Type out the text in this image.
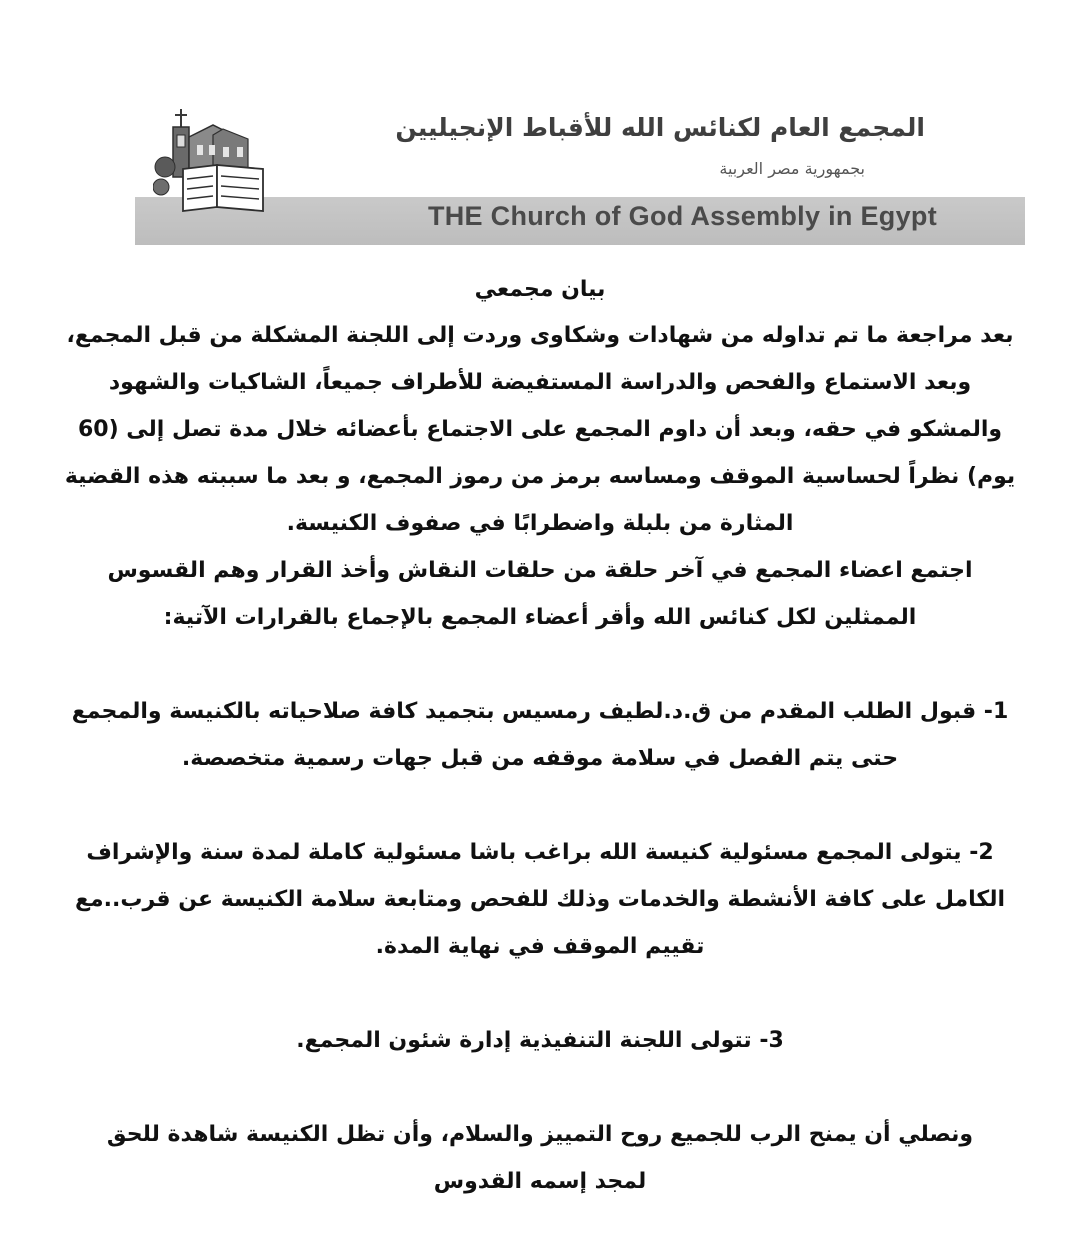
المجمع العام لكنائس الله للأقباط الإنجيليين
بجمهورية مصر العربية
THE Church of God Assembly in Egypt
بيان مجمعي

بعد مراجعة ما تم تداوله من شهادات وشكاوى وردت إلى اللجنة المشكلة من قبل المجمع، وبعد الاستماع والفحص والدراسة المستفيضة للأطراف جميعاً، الشاكيات والشهود والمشكو في حقه، وبعد أن داوم المجمع على الاجتماع بأعضائه خلال مدة تصل إلى (60 يوم) نظراً لحساسية الموقف ومساسه برمز من رموز المجمع، و بعد ما سببته هذه القضية المثارة من بلبلة واضطرابًا في صفوف الكنيسة.

اجتمع اعضاء المجمع في آخر حلقة من حلقات النقاش وأخذ القرار وهم القسوس الممثلين لكل كنائس الله وأقر أعضاء المجمع بالإجماع بالقرارات الآتية:

1- قبول الطلب المقدم من ق.د.لطيف رمسيس بتجميد كافة صلاحياته بالكنيسة والمجمع حتى يتم الفصل في سلامة موقفه من قبل جهات رسمية متخصصة.

2- يتولى المجمع مسئولية كنيسة الله براغب باشا مسئولية كاملة لمدة سنة والإشراف الكامل على كافة الأنشطة والخدمات وذلك للفحص ومتابعة سلامة الكنيسة عن قرب..مع تقييم الموقف في نهاية المدة.

3- تتولى اللجنة التنفيذية إدارة شئون المجمع.

ونصلي أن يمنح الرب للجميع روح التمييز والسلام، وأن تظل الكنيسة شاهدة للحق

لمجد إسمه القدوس
